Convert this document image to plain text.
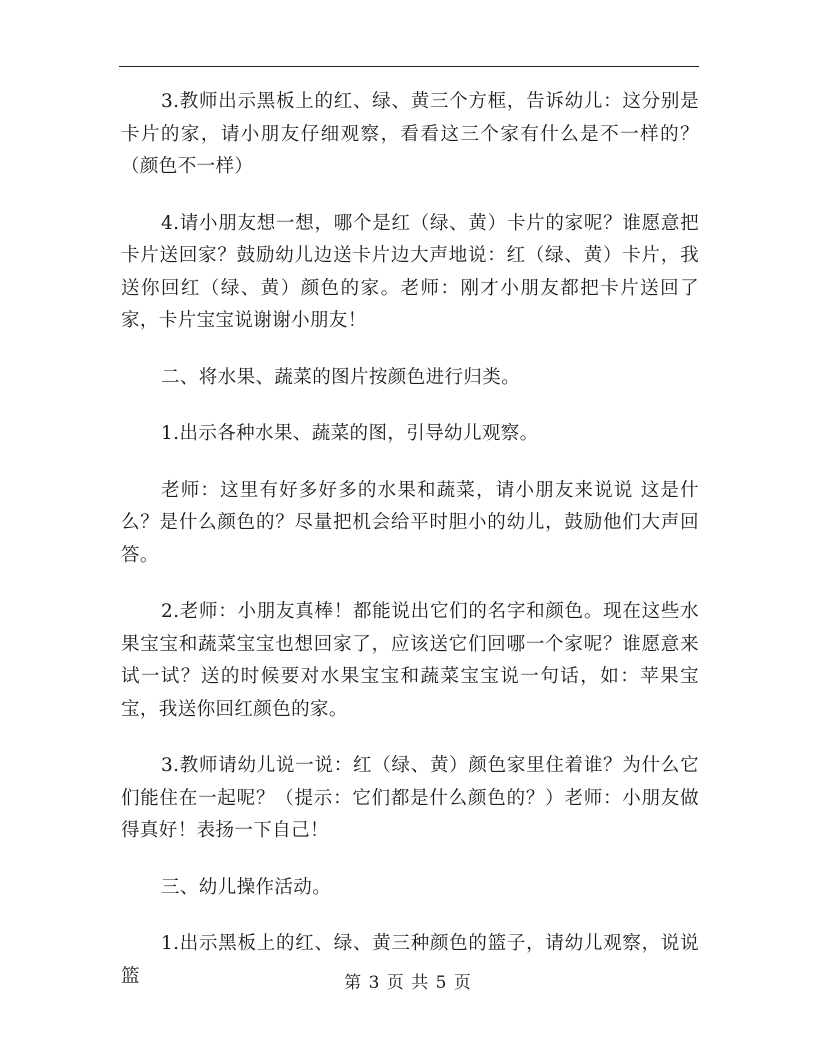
3.教师出示黑板上的红、绿、黄三个方框，告诉幼儿：这分别是卡片的家，请小朋友仔细观察，看看这三个家有什么是不一样的？（颜色不一样）

4.请小朋友想一想，哪个是红（绿、黄）卡片的家呢？谁愿意把卡片送回家？鼓励幼儿边送卡片边大声地说：红（绿、黄）卡片，我送你回红（绿、黄）颜色的家。老师：刚才小朋友都把卡片送回了家，卡片宝宝说谢谢小朋友！

二、将水果、蔬菜的图片按颜色进行归类。

1.出示各种水果、蔬菜的图，引导幼儿观察。

老师：这里有好多好多的水果和蔬菜，请小朋友来说说 这是什么？是什么颜色的？尽量把机会给平时胆小的幼儿，鼓励他们大声回答。

2.老师：小朋友真棒！都能说出它们的名字和颜色。现在这些水果宝宝和蔬菜宝宝也想回家了，应该送它们回哪一个家呢？谁愿意来试一试？送的时候要对水果宝宝和蔬菜宝宝说一句话，如：苹果宝宝，我送你回红颜色的家。

3.教师请幼儿说一说：红（绿、黄）颜色家里住着谁？为什么它们能住在一起呢？（提示：它们都是什么颜色的？）老师：小朋友做得真好！表扬一下自己！

三、幼儿操作活动。

1.出示黑板上的红、绿、黄三种颜色的篮子，请幼儿观察，说说篮	第 3 页 共 5 页
